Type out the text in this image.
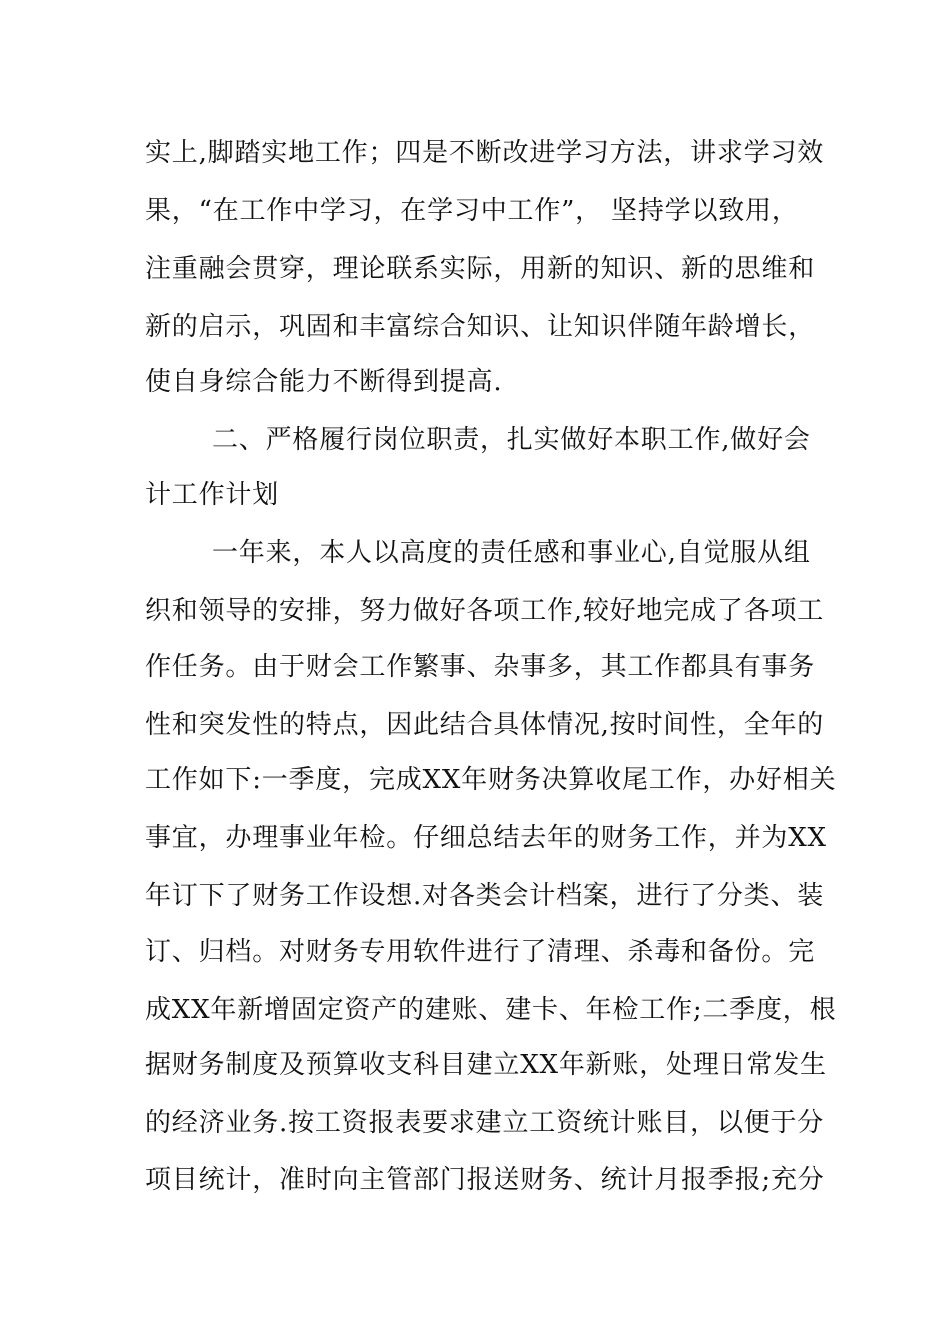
实上,脚踏实地工作；四是不断改进学习方法，讲求学习效
果，“在工作中学习，在学习中工作”， 坚持学以致用，
注重融会贯穿，理论联系实际，用新的知识、新的思维和
新的启示，巩固和丰富综合知识、让知识伴随年龄增长，
使自身综合能力不断得到提高.
二、严格履行岗位职责，扎实做好本职工作,做好会
计工作计划
一年来，本人以高度的责任感和事业心,自觉服从组
织和领导的安排，努力做好各项工作,较好地完成了各项工
作任务。由于财会工作繁事、杂事多，其工作都具有事务
性和突发性的特点，因此结合具体情况,按时间性，全年的
工作如下:一季度，完成XX年财务决算收尾工作，办好相关
事宜，办理事业年检。仔细总结去年的财务工作，并为XX
年订下了财务工作设想.对各类会计档案，进行了分类、装
订、归档。对财务专用软件进行了清理、杀毒和备份。完
成XX年新增固定资产的建账、建卡、年检工作;二季度，根
据财务制度及预算收支科目建立XX年新账，处理日常发生
的经济业务.按工资报表要求建立工资统计账目，以便于分
项目统计，准时向主管部门报送财务、统计月报季报;充分
